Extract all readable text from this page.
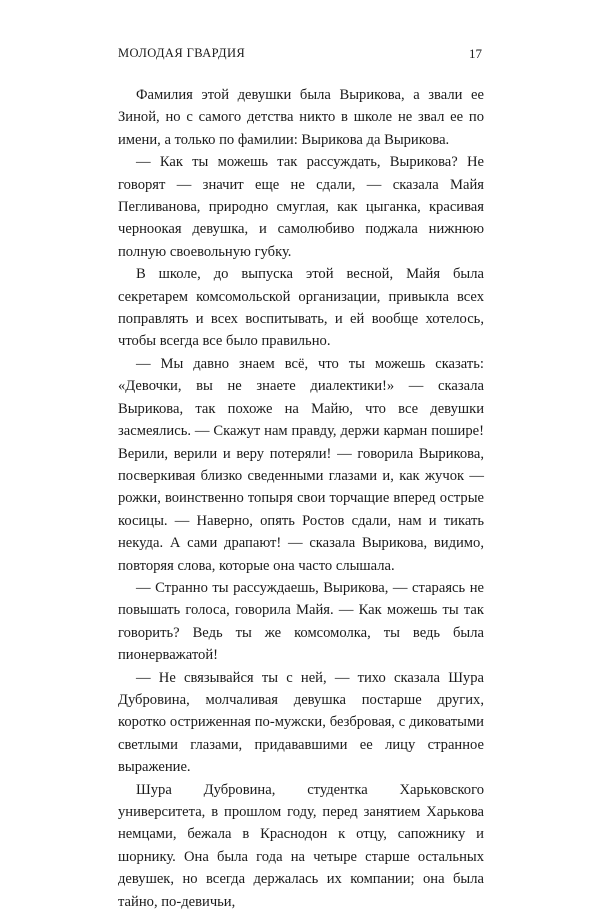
МОЛОДАЯ ГВАРДИЯ	17

Фамилия этой девушки была Вырикова, а звали ее Зиной, но с самого детства никто в школе не звал ее по имени, а только по фамилии: Вырикова да Вырикова.

— Как ты можешь так рассуждать, Вырикова? Не говорят — значит еще не сдали, — сказала Майя Пегливанова, природно смуглая, как цыганка, красивая черноокая девушка, и самолюбиво поджала нижнюю полную своевольную губку.

В школе, до выпуска этой весной, Майя была секретарем комсомольской организации, привыкла всех поправлять и всех воспитывать, и ей вообще хотелось, чтобы всегда все было правильно.

— Мы давно знаем всё, что ты можешь сказать: «Девочки, вы не знаете диалектики!» — сказала Вырикова, так похоже на Майю, что все девушки засмеялись. — Скажут нам правду, держи карман пошире! Верили, верили и веру потеряли! — говорила Вырикова, посверкивая близко сведенными глазами и, как жучок — рожки, воинственно топыря свои торчащие вперед острые косицы. — Наверно, опять Ростов сдали, нам и тикать некуда. А сами драпают! — сказала Вырикова, видимо, повторяя слова, которые она часто слышала.

— Странно ты рассуждаешь, Вырикова, — стараясь не повышать голоса, говорила Майя. — Как можешь ты так говорить? Ведь ты же комсомолка, ты ведь была пионерважатой!

— Не связывайся ты с ней, — тихо сказала Шура Дубровина, молчаливая девушка постарше других, коротко остриженная по-мужски, безбровая, с диковатыми светлыми глазами, придававшими ее лицу странное выражение.

Шура Дубровина, студентка Харьковского университета, в прошлом году, перед занятием Харькова немцами, бежала в Краснодон к отцу, сапожнику и шорнику. Она была года на четыре старше остальных девушек, но всегда держалась их компании; она была тайно, по-девичьи,
